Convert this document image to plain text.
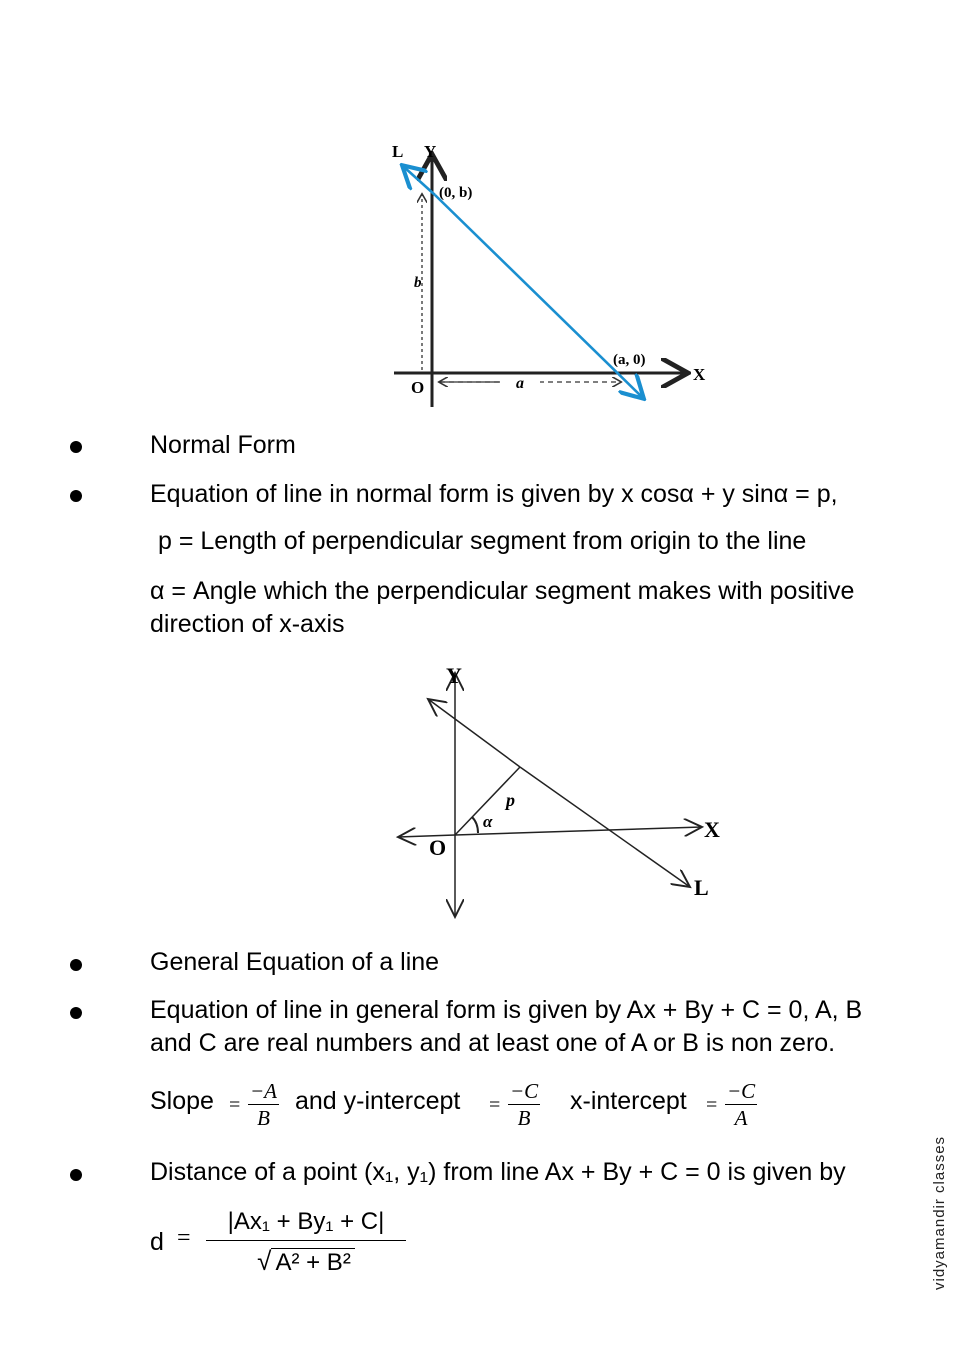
L Y
(0, b)
b
(a, 0)
X
O	a
Normal Form
Equation of line in normal form is given by x cosα + y sinα = p,
p = Length of perpendicular segment from origin to the line
α = Angle which the perpendicular segment makes with positive
direction of x-axis
Y
X
O
L
p
α
General Equation of a line
Equation of line in general form is given by Ax + By + C = 0, A, B
and C are real numbers and at least one of A or B is non zero.
Slope = $\frac{-A}{B}$ and y-intercept = $\frac{-C}{B}$ x-intercept = $\frac{-C}{A}$
Distance of a point (x₁, y₁) from line Ax + By + C = 0 is given by
$d = \frac{\text{|Ax₁ + By₁ + C|}}{\text{√ A² + B²}}$	vidyamandir classes
